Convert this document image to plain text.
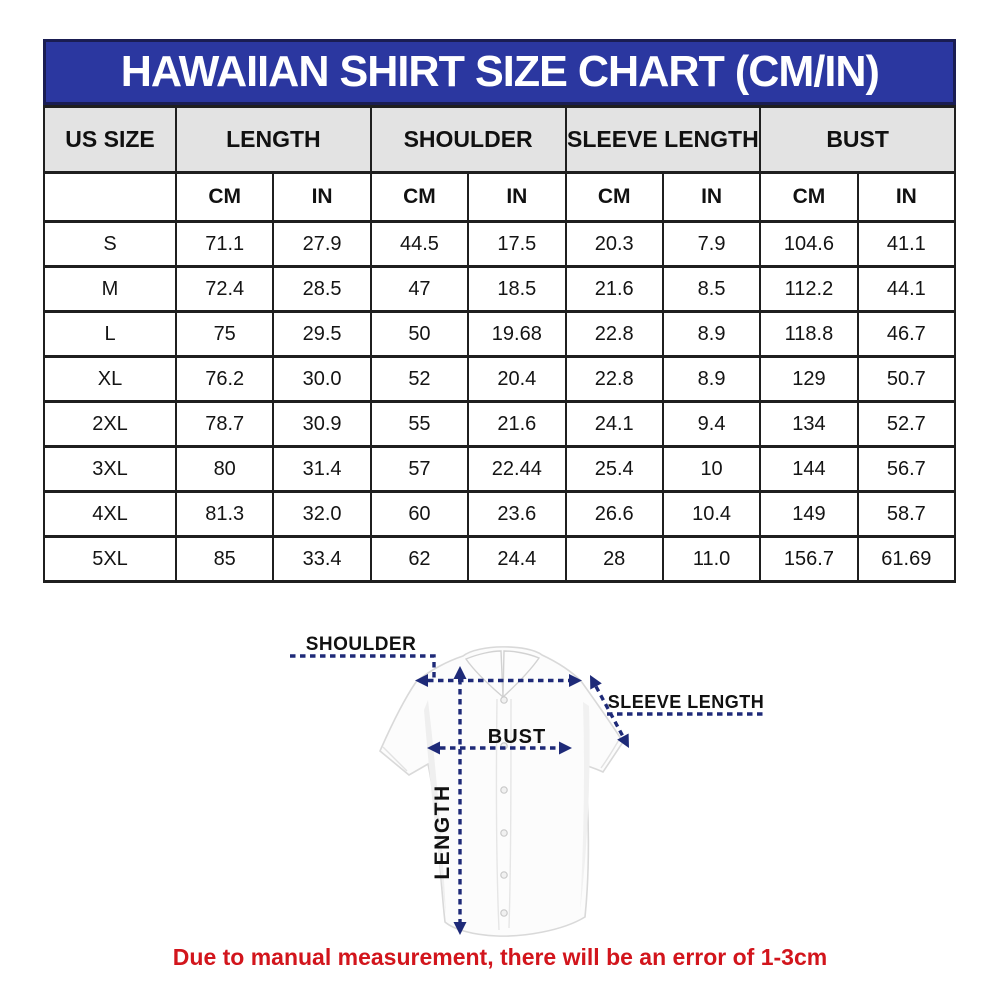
HAWAIIAN SHIRT SIZE CHART (CM/IN)
US SIZE	LENGTH		SHOULDER		SLEEVE LENGTH		BUST	
	CM	IN	CM	IN	CM	IN	CM	IN
S	71.1	27.9	44.5	17.5	20.3	7.9	104.6	41.1
M	72.4	28.5	47	18.5	21.6	8.5	112.2	44.1
L	75	29.5	50	19.68	22.8	8.9	118.8	46.7
XL	76.2	30.0	52	20.4	22.8	8.9	129	50.7
2XL	78.7	30.9	55	21.6	24.1	9.4	134	52.7
3XL	80	31.4	57	22.44	25.4	10	144	56.7
4XL	81.3	32.0	60	23.6	26.6	10.4	149	58.7
5XL	85	33.4	62	24.4	28	11.0	156.7	61.69
SHOULDER
SLEEVE LENGTH
BUST
LENGTH
Due to manual measurement, there will be an error of 1-3cm
